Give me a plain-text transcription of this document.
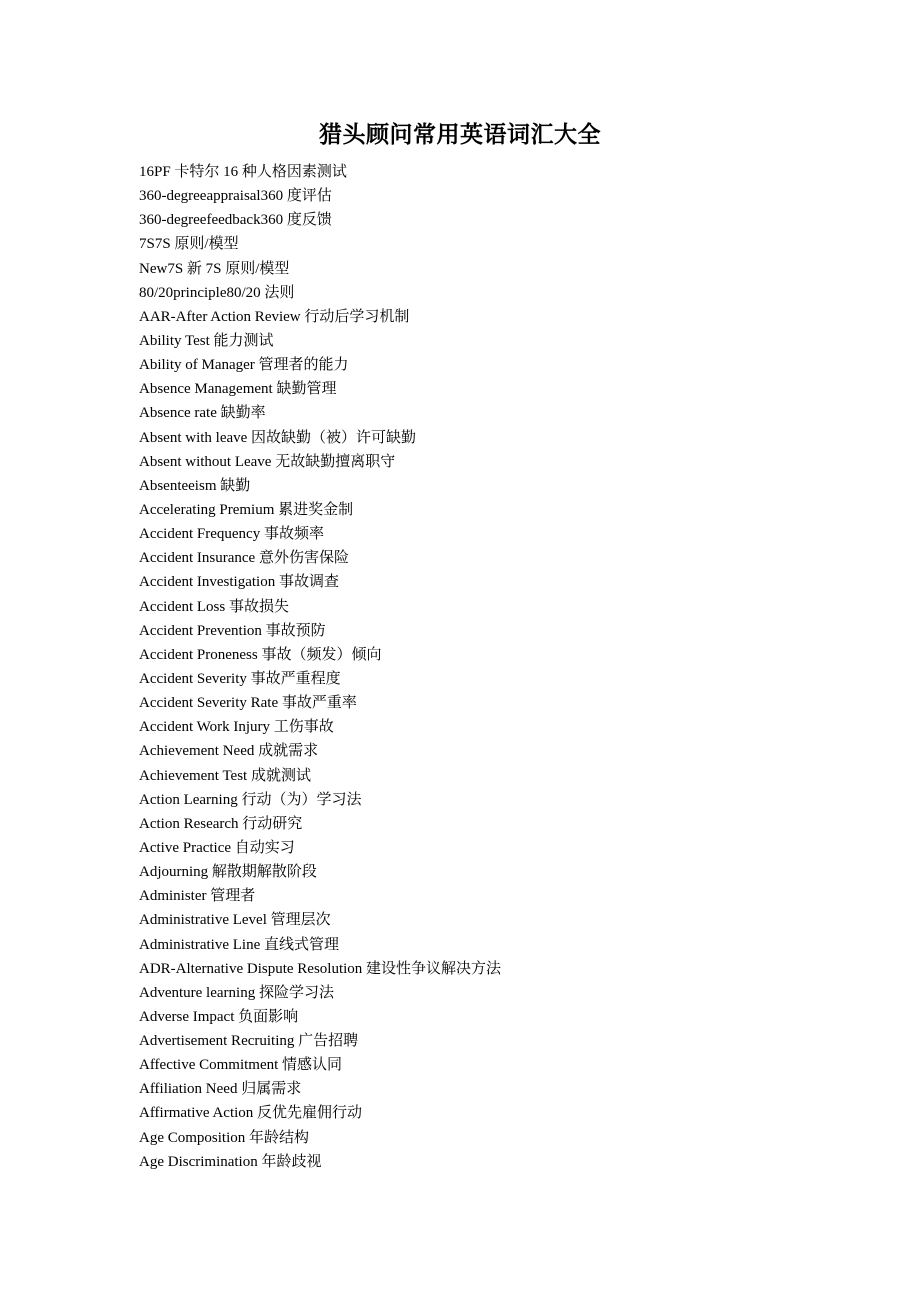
猎头顾问常用英语词汇大全
16PF 卡特尔 16 种人格因素测试
360-degreeappraisal360 度评估
360-degreefeedback360 度反馈
7S7S 原则/模型
New7S 新 7S 原则/模型
80/20principle80/20 法则
AAR-After Action Review 行动后学习机制
Ability Test 能力测试
Ability of Manager 管理者的能力
Absence Management 缺勤管理
Absence rate 缺勤率
Absent with leave 因故缺勤（被）许可缺勤
Absent without Leave 无故缺勤擅离职守
Absenteeism 缺勤
Accelerating Premium 累进奖金制
Accident Frequency 事故频率
Accident Insurance 意外伤害保险
Accident Investigation 事故调查
Accident Loss 事故损失
Accident Prevention 事故预防
Accident Proneness 事故（频发）倾向
Accident Severity 事故严重程度
Accident Severity Rate 事故严重率
Accident Work Injury 工伤事故
Achievement Need 成就需求
Achievement Test 成就测试
Action Learning 行动（为）学习法
Action Research 行动研究
Active Practice 自动实习
Adjourning 解散期解散阶段
Administer 管理者
Administrative Level 管理层次
Administrative Line 直线式管理
ADR-Alternative Dispute Resolution 建设性争议解决方法
Adventure learning 探险学习法
Adverse Impact 负面影响
Advertisement Recruiting 广告招聘
Affective Commitment 情感认同
Affiliation Need 归属需求
Affirmative Action 反优先雇佣行动
Age Composition 年龄结构
Age Discrimination 年龄歧视
